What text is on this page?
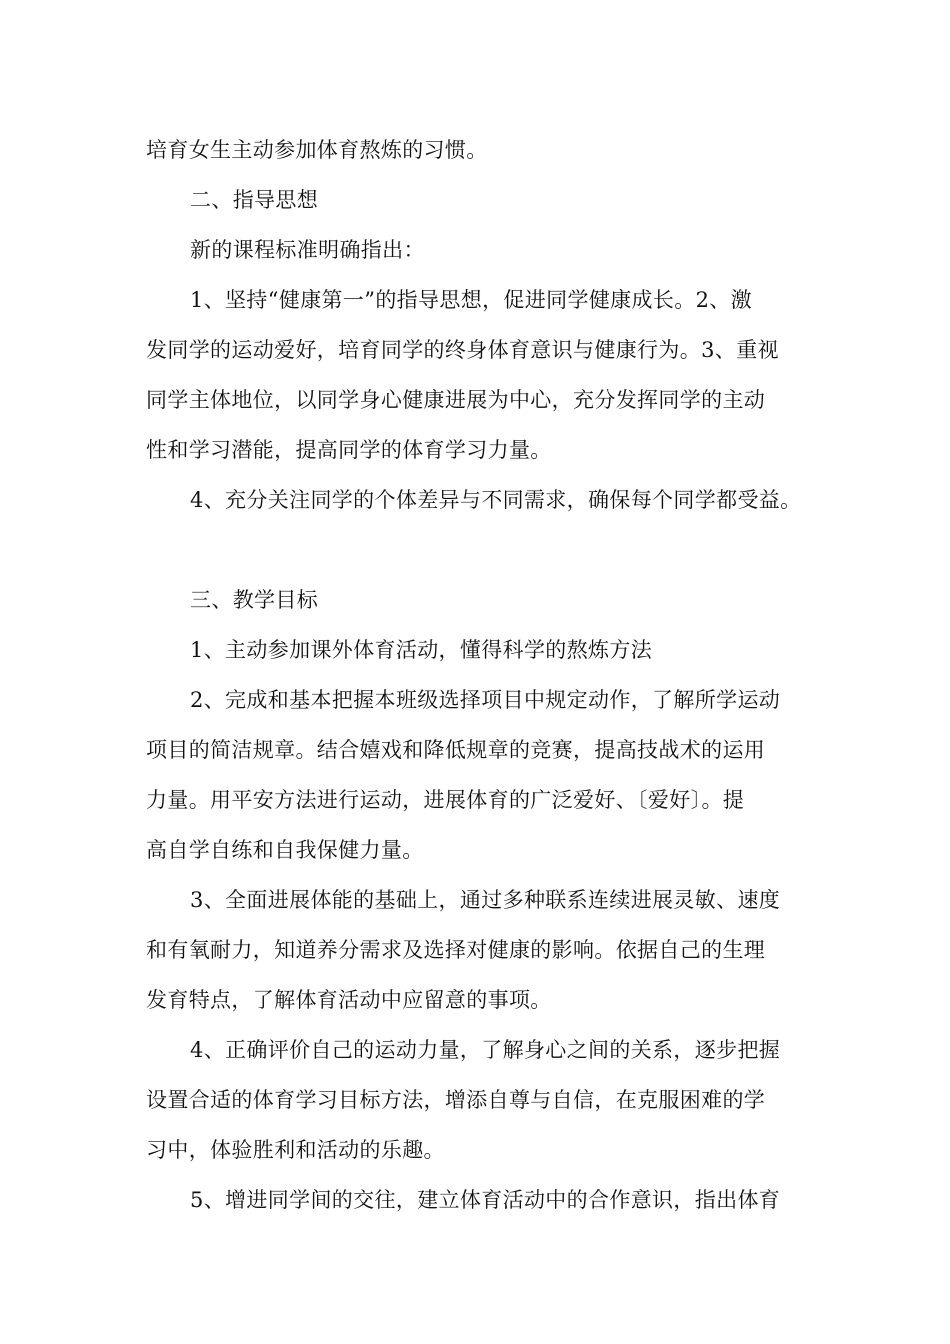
培育女生主动参加体育熬炼的习惯。
二、指导思想
新的课程标准明确指出：
1、坚持“健康第一”的指导思想，促进同学健康成长。2、激
发同学的运动爱好，培育同学的终身体育意识与健康行为。3、重视
同学主体地位，以同学身心健康进展为中心，充分发挥同学的主动
性和学习潜能，提高同学的体育学习力量。
4、充分关注同学的个体差异与不同需求，确保每个同学都受益。
三、教学目标
1、主动参加课外体育活动，懂得科学的熬炼方法
2、完成和基本把握本班级选择项目中规定动作，了解所学运动
项目的简洁规章。结合嬉戏和降低规章的竞赛，提高技战术的运用
力量。用平安方法进行运动，进展体育的广泛爱好、〔爱好〕。提
高自学自练和自我保健力量。
3、全面进展体能的基础上，通过多种联系连续进展灵敏、速度
和有氧耐力，知道养分需求及选择对健康的影响。依据自己的生理
发育特点，了解体育活动中应留意的事项。
4、正确评价自己的运动力量，了解身心之间的关系，逐步把握
设置合适的体育学习目标方法，增添自尊与自信，在克服困难的学
习中，体验胜利和活动的乐趣。
5、增进同学间的交往，建立体育活动中的合作意识，指出体育
